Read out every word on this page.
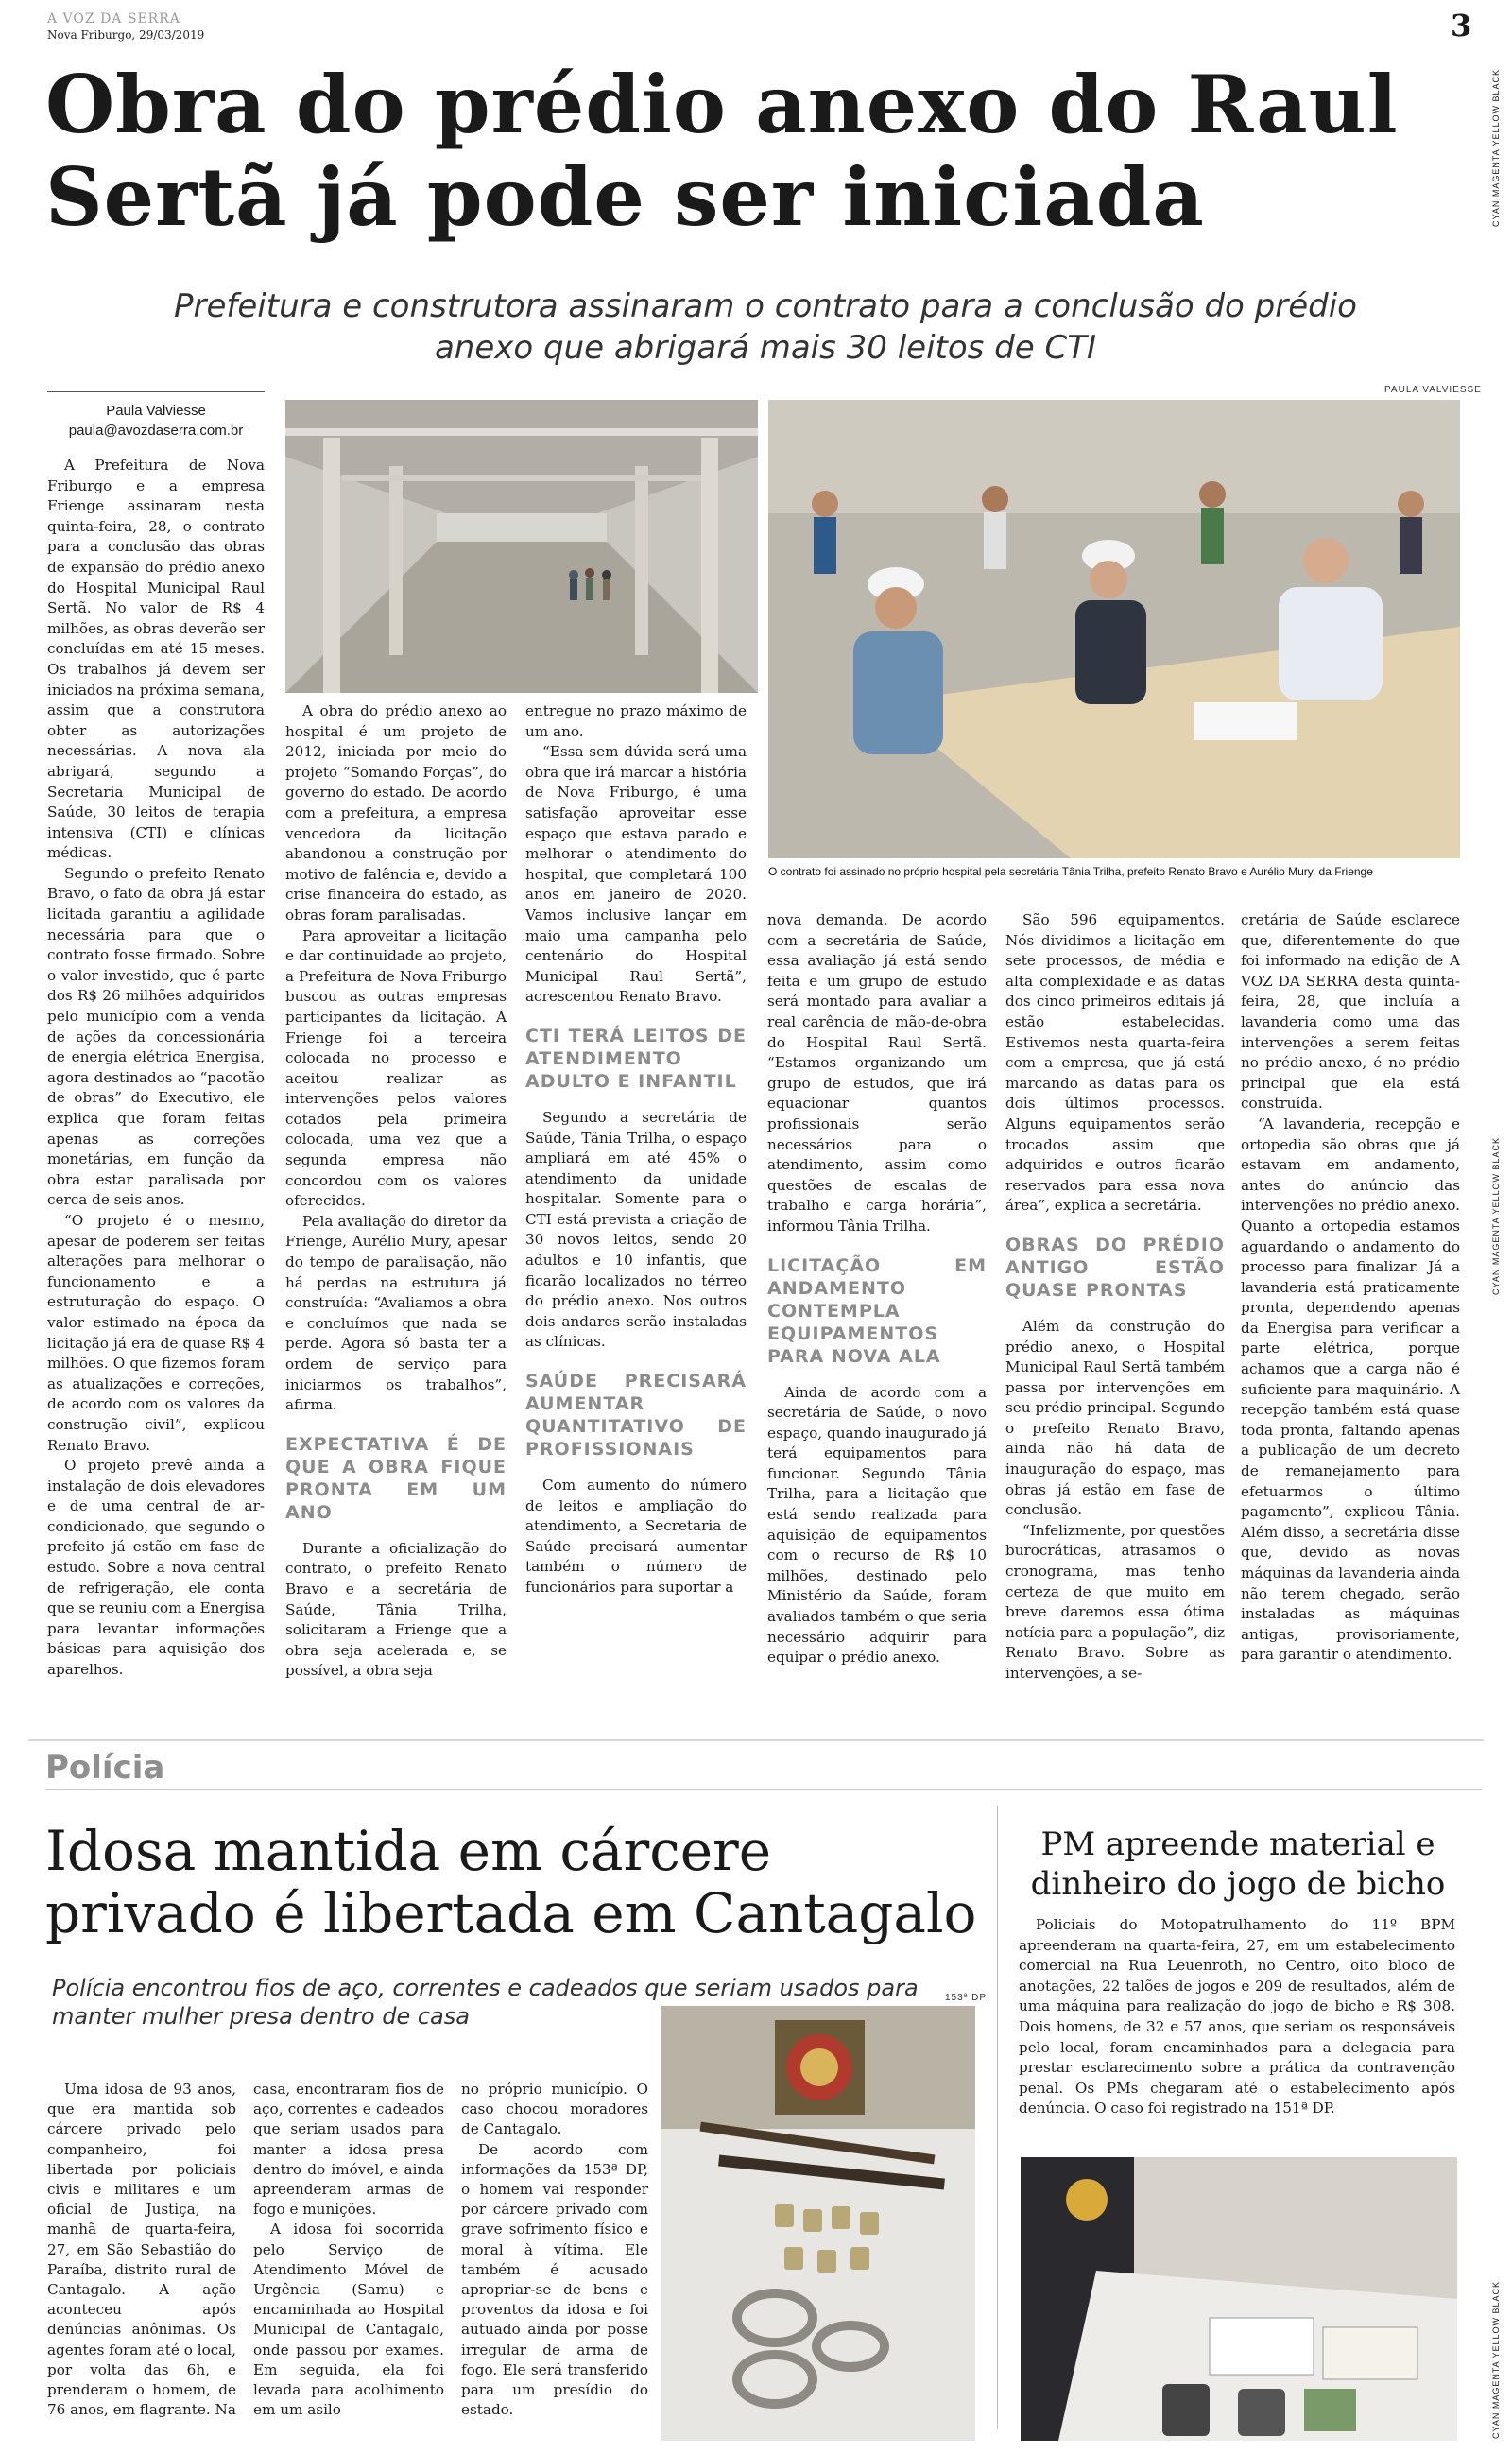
A VOZ DA SERRA
Nova Friburgo, 29/03/2019	3
CYAN MAGENTA YELLOW BLACK
CYAN MAGENTA YELLOW BLACK
CYAN MAGENTA YELLOW BLACK
Obra do prédio anexo do Raul Sertã já pode ser iniciada
Prefeitura e construtora assinaram o contrato para a conclusão do prédio anexo que abrigará mais 30 leitos de CTI
Paula Valviesse
paula@avozdaserra.com.br
PAULA VALVIESSE
O contrato foi assinado no próprio hospital pela secretária Tânia Trilha, prefeito Renato Bravo e Aurélio Mury, da Frienge

A Prefeitura de Nova Friburgo e a empresa Frienge assinaram nesta quinta-feira, 28, o contrato para a conclusão das obras de expansão do prédio anexo do Hospital Municipal Raul Sertã. No valor de R$ 4 milhões, as obras deverão ser concluídas em até 15 meses. Os trabalhos já devem ser iniciados na próxima semana, assim que a construtora obter as autorizações necessárias. A nova ala abrigará, segundo a Secretaria Municipal de Saúde, 30 leitos de terapia intensiva (CTI) e clínicas médicas.

Segundo o prefeito Renato Bravo, o fato da obra já estar licitada garantiu a agilidade necessária para que o contrato fosse firmado. Sobre o valor investido, que é parte dos R$ 26 milhões adquiridos pelo município com a venda de ações da concessionária de energia elétrica Energisa, agora destinados ao “pacotão de obras” do Executivo, ele explica que foram feitas apenas as correções monetárias, em função da obra estar paralisada por cerca de seis anos.

“O projeto é o mesmo, apesar de poderem ser feitas alterações para melhorar o funcionamento e a estruturação do espaço. O valor estimado na época da licitação já era de quase R$ 4 milhões. O que fizemos foram as atualizações e correções, de acordo com os valores da construção civil”, explicou Renato Bravo.

O projeto prevê ainda a instalação de dois elevadores e de uma central de ar-condicionado, que segundo o prefeito já estão em fase de estudo. Sobre a nova central de refrigeração, ele conta que se reuniu com a Energisa para levantar informações básicas para aquisição dos aparelhos.

A obra do prédio anexo ao hospital é um projeto de 2012, iniciada por meio do projeto “Somando Forças”, do governo do estado. De acordo com a prefeitura, a empresa vencedora da licitação abandonou a construção por motivo de falência e, devido a crise financeira do estado, as obras foram paralisadas.

Para aproveitar a licitação e dar continuidade ao projeto, a Prefeitura de Nova Friburgo buscou as outras empresas participantes da licitação. A Frienge foi a terceira colocada no processo e aceitou realizar as intervenções pelos valores cotados pela primeira colocada, uma vez que a segunda empresa não concordou com os valores oferecidos.

Pela avaliação do diretor da Frienge, Aurélio Mury, apesar do tempo de paralisação, não há perdas na estrutura já construída: “Avaliamos a obra e concluímos que nada se perde. Agora só basta ter a ordem de serviço para iniciarmos os trabalhos”, afirma.

EXPECTATIVA É DE QUE A OBRA FIQUE PRONTA EM UM ANO

Durante a oficialização do contrato, o prefeito Renato Bravo e a secretária de Saúde, Tânia Trilha, solicitaram a Frienge que a obra seja acelerada e, se possível, a obra seja

entregue no prazo máximo de um ano.

“Essa sem dúvida será uma obra que irá marcar a história de Nova Friburgo, é uma satisfação aproveitar esse espaço que estava parado e melhorar o atendimento do hospital, que completará 100 anos em janeiro de 2020. Vamos inclusive lançar em maio uma campanha pelo centenário do Hospital Municipal Raul Sertã”, acrescentou Renato Bravo.

CTI TERÁ LEITOS DE ATENDIMENTO ADULTO E INFANTIL

Segundo a secretária de Saúde, Tânia Trilha, o espaço ampliará em até 45% o atendimento da unidade hospitalar. Somente para o CTI está prevista a criação de 30 novos leitos, sendo 20 adultos e 10 infantis, que ficarão localizados no térreo do prédio anexo. Nos outros dois andares serão instaladas as clínicas.

SAÚDE PRECISARÁ AUMENTAR QUANTITATIVO DE PROFISSIONAIS

Com aumento do número de leitos e ampliação do atendimento, a Secretaria de Saúde precisará aumentar também o número de funcionários para suportar a

nova demanda. De acordo com a secretária de Saúde, essa avaliação já está sendo feita e um grupo de estudo será montado para avaliar a real carência de mão-de-obra do Hospital Raul Sertã. “Estamos organizando um grupo de estudos, que irá equacionar quantos profissionais serão necessários para o atendimento, assim como questões de escalas de trabalho e carga horária”, informou Tânia Trilha.

LICITAÇÃO EM ANDAMENTO CONTEMPLA EQUIPAMENTOS PARA NOVA ALA

Ainda de acordo com a secretária de Saúde, o novo espaço, quando inaugurado já terá equipamentos para funcionar. Segundo Tânia Trilha, para a licitação que está sendo realizada para aquisição de equipamentos com o recurso de R$ 10 milhões, destinado pelo Ministério da Saúde, foram avaliados também o que seria necessário adquirir para equipar o prédio anexo.

São 596 equipamentos. Nós dividimos a licitação em sete processos, de média e alta complexidade e as datas dos cinco primeiros editais já estão estabelecidas. Estivemos nesta quarta-feira com a empresa, que já está marcando as datas para os dois últimos processos. Alguns equipamentos serão trocados assim que adquiridos e outros ficarão reservados para essa nova área”, explica a secretária.

OBRAS DO PRÉDIO ANTIGO ESTÃO QUASE PRONTAS

Além da construção do prédio anexo, o Hospital Municipal Raul Sertã também passa por intervenções em seu prédio principal. Segundo o prefeito Renato Bravo, ainda não há data de inauguração do espaço, mas obras já estão em fase de conclusão.

“Infelizmente, por questões burocráticas, atrasamos o cronograma, mas tenho certeza de que muito em breve daremos essa ótima notícia para a população”, diz Renato Bravo. Sobre as intervenções, a se-

cretária de Saúde esclarece que, diferentemente do que foi informado na edição de A VOZ DA SERRA desta quinta-feira, 28, que incluía a lavanderia como uma das intervenções a serem feitas no prédio anexo, é no prédio principal que ela está construída.

“A lavanderia, recepção e ortopedia são obras que já estavam em andamento, antes do anúncio das intervenções no prédio anexo. Quanto a ortopedia estamos aguardando o andamento do processo para finalizar. Já a lavanderia está praticamente pronta, dependendo apenas da Energisa para verificar a parte elétrica, porque achamos que a carga não é suficiente para maquinário. A recepção também está quase toda pronta, faltando apenas a publicação de um decreto de remanejamento para efetuarmos o último pagamento”, explicou Tânia. Além disso, a secretária disse que, devido as novas máquinas da lavanderia ainda não terem chegado, serão instaladas as máquinas antigas, provisoriamente, para garantir o atendimento.

Polícia
Idosa mantida em cárcere privado é libertada em Cantagalo
Polícia encontrou fios de aço, correntes e cadeados que seriam usados para manter mulher presa dentro de casa

Uma idosa de 93 anos, que era mantida sob cárcere privado pelo companheiro, foi libertada por policiais civis e militares e um oficial de Justiça, na manhã de quarta-feira, 27, em São Sebastião do Paraíba, distrito rural de Cantagalo. A ação aconteceu após denúncias anônimas. Os agentes foram até o local, por volta das 6h, e prenderam o homem, de 76 anos, em flagrante. Na

casa, encontraram fios de aço, correntes e cadeados que seriam usados para manter a idosa presa dentro do imóvel, e ainda apreenderam armas de fogo e munições.

A idosa foi socorrida pelo Serviço de Atendimento Móvel de Urgência (Samu) e encaminhada ao Hospital Municipal de Cantagalo, onde passou por exames. Em seguida, ela foi levada para acolhimento em um asilo

no próprio município. O caso chocou moradores de Cantagalo.

De acordo com informações da 153ª DP, o homem vai responder por cárcere privado com grave sofrimento físico e moral à vítima. Ele também é acusado apropriar-se de bens e proventos da idosa e foi autuado ainda por posse irregular de arma de fogo. Ele será transferido para um presídio do estado.

153ª DP
PM apreende material e dinheiro do jogo de bicho

Policiais do Motopatrulhamento do 11º BPM apreenderam na quarta-feira, 27, em um estabelecimento comercial na Rua Leuenroth, no Centro, oito bloco de anotações, 22 talões de jogos e 209 de resultados, além de uma máquina para realização do jogo de bicho e R$ 308. Dois homens, de 32 e 57 anos, que seriam os responsáveis pelo local, foram encaminhados para a delegacia para prestar esclarecimento sobre a prática da contravenção penal. Os PMs chegaram até o estabelecimento após denúncia. O caso foi registrado na 151ª DP.
